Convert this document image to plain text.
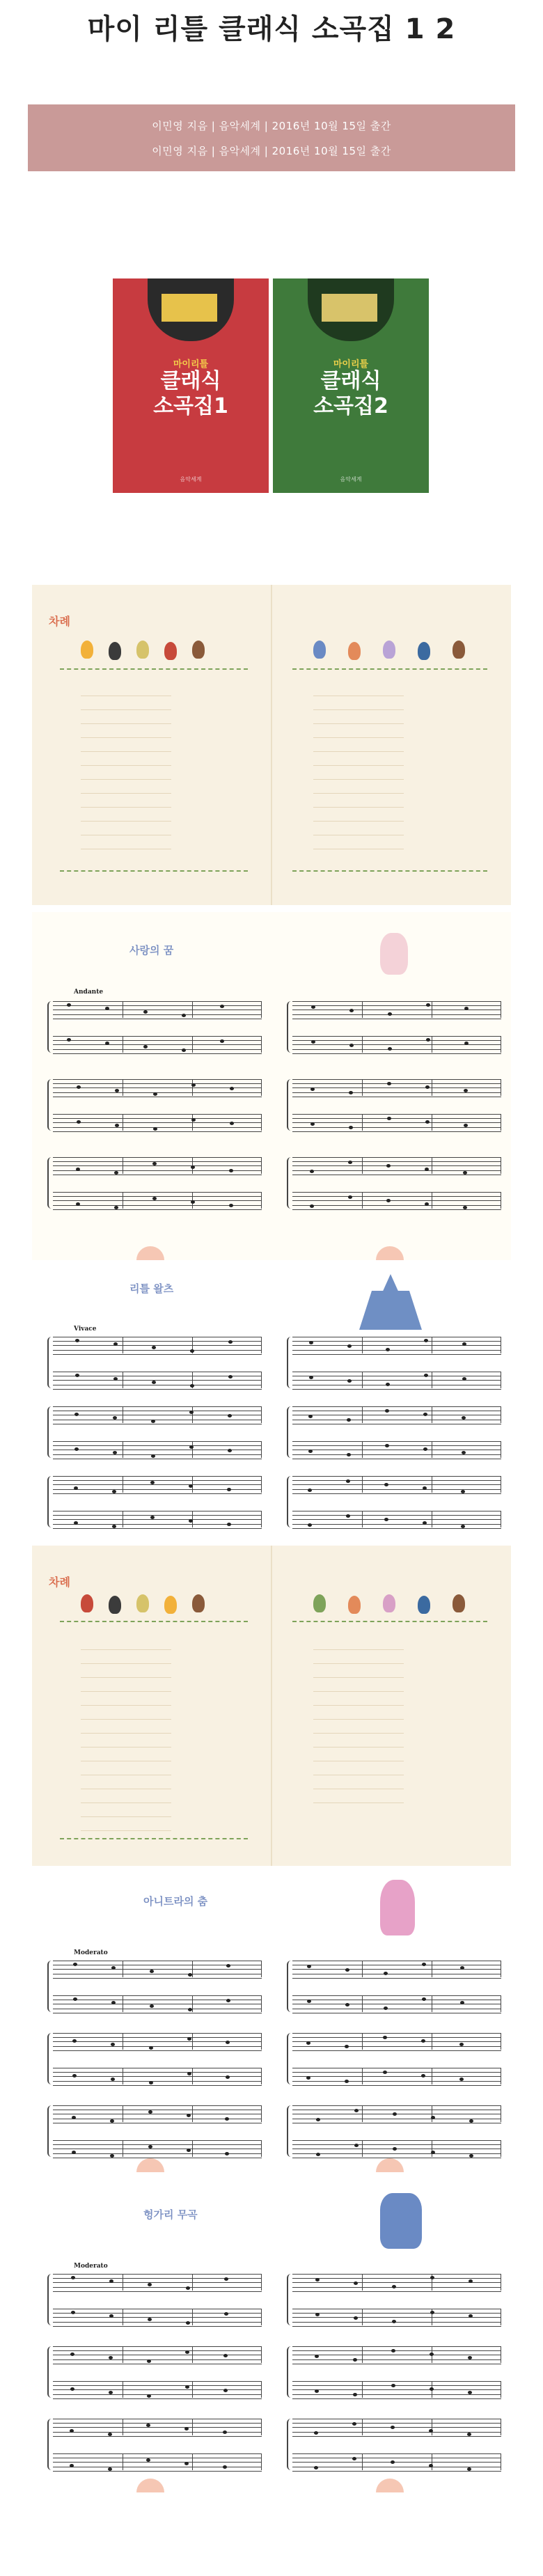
마이 리틀 클래식 소곡집 1 2
이민영 지음 | 음악세계 | 2016년 10월 15일 출간
이민영 지음 | 음악세계 | 2016년 10월 15일 출간
마이리틀
클래식
소곡집1
음악세계
마이리틀
클래식
소곡집2
음악세계
차례
사랑의 꿈
Andante
리틀 왈츠
Vivace
차례
아니트라의 춤
Moderato
헝가리 무곡
Moderato
